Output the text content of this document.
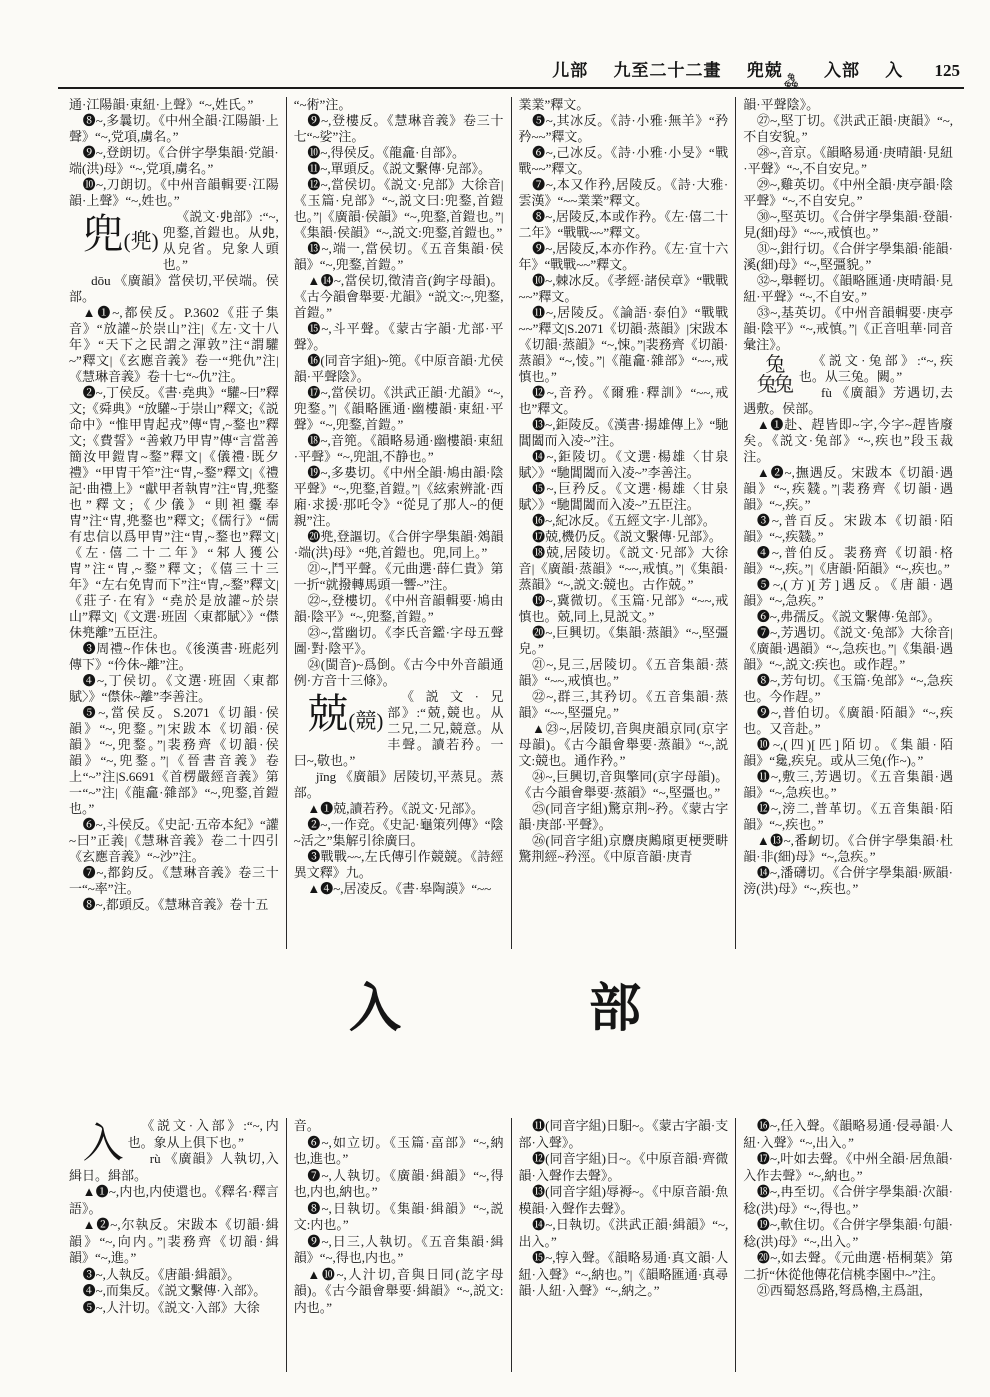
儿部 九至二十二畫 兜兢 兔
兔兔
入部 入 125

通·江陽韻·東紐·上聲》“~,姓氏。”

❽~,多曩切。《中州全韻·江陽韻·上聲》“~,党項,虜名。”

❾~,登朗切。《合併字學集韻·党韻·端(洪)母》“~,党項,虜名。”

❿~,刀朗切。《中州音韻輯要·江陽韻·上聲》“~,姓也。”

兜(兠)
《説文·𠑹部》:“~,兜鍪,首鎧也。从𠑹,从皃省。皃象人頭也。”

dōu 《廣韻》當侯切,平侯端。侯部。

▲❶~,都侯反。P.3602《莊子集音》“放讙~於崇山”注|《左·文十八年》“天下之民謂之渾敦”注“謂驩~”釋文|《玄應音義》卷一“兠仇”注|《慧琳音義》卷十七“~仇”注。

❷~,丁侯反。《書·堯典》“驩~曰”釋文;《舜典》“放驩~于崇山”釋文;《説命中》“惟甲冑起戎”傳“冑,~鍪也”釋文;《費誓》“善敹乃甲冑”傳“言當善簡汝甲鎧冑~鍪”釋文|《儀禮·既夕禮》“甲冑干笮”注“冑,~鍪”釋文|《禮記·曲禮上》“獻甲者執冑”注“冑,兠鍪也”釋文;《少儀》“則袒櫜奉冑”注“冑,兠鍪也”釋文;《儒行》“儒有忠信以爲甲冑”注“冑,~鍪也”釋文|《左·僖二十二年》“邾人獲公冑”注“冑,~鍪”釋文;《僖三十三年》“左右免冑而下”注“冑,~鍪”釋文|《莊子·在宥》“堯於是放讙~於崇山”釋文|《文選·班固〈東都賦〉》“僸佅兠離”五臣注。

❸周禮~作佅也。《後漢書·班彪列傳下》“仱佅~離”注。

❹~,丁侯切。《文選·班固〈東都賦〉》“僸佅~離”李善注。

❺~,當侯反。S.2071《切韻·侯韻》“~,兜鍪。”|宋跋本《切韻·侯韻》“~,兜鍪。”|裴務齊《切韻·侯韻》“~,兜鍪。”|《晉書音義》卷上“~”注|S.6691《首楞嚴經音義》第一“~”注|《龍龕·雜部》“~,兜鍪,首鎧也。”

❻~,斗侯反。《史記·五帝本紀》“讙~曰”正義|《慧琳音義》卷二十四引《玄應音義》“~沙”注。

❼~,都鈞反。《慧琳音義》卷三十一“~率”注。

❽~,都頭反。《慧琳音義》卷十五

“~術”注。

❾~,登樓反。《慧琳音義》卷三十七“~娑”注。

❿~,得侯反。《龍龕·自部》。

⓫~,單頭反。《説文繫傳·皃部》。

⓬~,當侯切。《説文·皃部》大徐音|《玉篇·皃部》“~,説文曰:兜鍪,首鎧也。”|《廣韻·侯韻》“~,兜鍪,首鎧也。”|《集韻·侯韻》“~,説文:兜鍪,首鎧也。”

⓭~,端一,當侯切。《五音集韻·侯韻》“~,兜鍪,首鎧。”

▲⓮~,當侯切,徵清音(鉤字母韻)。《古今韻會舉要·尤韻》“説文:~,兜鍪,首鎧。”

⓯~,斗平聲。《蒙古字韻·尤部·平聲》。

⓰(同音字組)~篼。《中原音韻·尤侯韻·平聲陰》。

⓱~,當侯切。《洪武正韻·尤韻》“~,兜鍪。”|《韻略匯通·幽樓韻·東紐·平聲》“~,兜鍪,首鎧。”

⓲~,音篼。《韻略易通·幽樓韻·東紐·平聲》“~,兜詛,不静也。”

⓳~,多婁切。《中州全韻·鳩由韻·陰平聲》“~,兜鍪,首鎧。”|《絃索辨訛·西廂·求援·那吒令》“從見了那人~的便親”注。

⓴兠,登謳切。《合併字學集韻·鵁韻·端(洪)母》“兠,首鎧也。兜,同上。”

㉑~,鬥平聲。《元曲選·薛仁貴》第一折“就撥轉馬頭一響~”注。

㉒~,登樓切。《中州音韻輯要·鳩由韻·陰平》“~,兜鍪,首鎧。”

㉓~,當幽切。《李氏音鑑·字母五聲圖·對·陰平》。

㉔(閩音)~爲倒。《古今中外音韻通例·方音十三條》。

兢(競)
《説文·兄部》:“兢,競也。从二兄,二兄,競意。从丰聲。讀若矜。一曰~,敬也。”

jīng 《廣韻》居陵切,平蒸見。蒸部。

▲❶兢,讀若矜。《説文·兄部》。

❷~,一作竞。《史記·龜策列傳》“陰~活之”集解引徐廣曰。

❸戰戰~~,左氏傳引作競競。《詩經異文釋》九。

▲❹~,居凌反。《書·皋陶謨》“~~

業業”釋文。

❺~,其冰反。《詩·小雅·無羊》“矜矜~~”釋文。

❻~,己冰反。《詩·小雅·小旻》“戰戰~~”釋文。

❼~,本又作矜,居陵反。《詩·大雅·雲漢》“~~業業”釋文。

❽~,居陵反,本或作矜。《左·僖二十二年》“戰戰~~”釋文。

❾~,居陵反,本亦作矜。《左·宣十六年》“戰戰~~”釋文。

❿~,棘冰反。《孝經·諸侯章》“戰戰~~”釋文。

⓫~,居陵反。《論語·泰伯》“戰戰~~”釋文|S.2071《切韻·蒸韻》|宋跋本《切韻·蒸韻》“~,悚。”|裴務齊《切韻·蒸韻》“~,㥄。”|《龍龕·雜部》“~~,戒慎也。”

⓬~,音矜。《爾雅·釋訓》“~~,戒也”釋文。

⓭~,鉅陵反。《漢書·揚雄傳上》“馳閶闔而入凌~”注。

⓮~,鉅陵切。《文選·楊雄〈甘泉賦〉》“馳閶闔而入凌~”李善注。

⓯~,巨矜反。《文選·楊雄〈甘泉賦〉》“馳閶闔而入凌~”五臣注。

⓰~,紀冰反。《五經文字·儿部》。

⓱兢,機仍反。《説文繫傳·兄部》。

⓲兢,居陵切。《説文·兄部》大徐音|《廣韻·蒸韻》“~~,戒慎。”|《集韻·蒸韻》“~,説文:競也。古作兢。”

⓳~,冀微切。《玉篇·兄部》“~~,戒慎也。兢,同上,見説文。”

⓴~,巨興切。《集韻·蒸韻》“~,堅彊皃。”

㉑~,見三,居陵切。《五音集韻·蒸韻》“~~,戒慎也。”

㉒~,群三,其矜切。《五音集韻·蒸韻》“~~,堅彊皃。”

▲㉓~,居陵切,音與庚韻京同(京字母韻)。《古今韻會舉要·蒸韻》“~,説文:競也。通作矜。”

㉔~,巨興切,音與擎同(京字母韻)。《古今韻會舉要·蒸韻》“~,堅彊也。”

㉕(同音字組)驚京荆~矜。《蒙古字韻·庚部·平聲》。

㉖(同音字組)京麖庚鶊廎更梗燛畊驚荆經~矜涇。《中原音韻·庚青

韻·平聲陰》。

㉗~,堅丁切。《洪武正韻·庚韻》“~,不自安貌。”

㉘~,音京。《韻略易通·庚晴韻·見紐·平聲》“~,不自安皃。”

㉙~,雞英切。《中州全韻·庚亭韻·陰平聲》“~,不自安皃。”

㉚~,堅英切。《合併字學集韻·登韻·見(細)母》“~~,戒慎也。”

㉛~,鉗行切。《合併字學集韻·能韻·溪(細)母》“~,堅彊貌。”

㉜~,舉輕切。《韻略匯通·庚晴韻·見紐·平聲》“~,不自安。”

㉝~,基英切。《中州音韻輯要·庚亭韻·陰平》“~,戒慎。”|《正音咀華·同音彙注》。

兔
兔兔
《説文·兔部》:“~,疾也。从三兔。闕。”

fù 《廣韻》芳遇切,去遇敷。侯部。

▲❶赴、趕皆即~字,今字~趕皆廢矣。《説文·兔部》“~,疾也”段玉裁注。

▲❷~,撫遇反。宋跋本《切韻·遇韻》“~,疾𠓙。”|裴務齊《切韻·遇韻》“~,疾。”

❸~,普百反。宋跋本《切韻·陌韻》“~,疾𠓙。”

❹~,普伯反。裴務齊《切韻·格韻》“~,疾。”|《唐韻·陌韻》“~,疾也。”

❺~,(方)[芳]遇反。《唐韻·遇韻》“~,急疾。”

❻~,弗孺反。《説文繫傳·兔部》。

❼~,芳遇切。《説文·兔部》大徐音|《廣韻·遇韻》“~,急疾也。”|《集韻·遇韻》“~,説文:疾也。或作趕。”

❽~,芳句切。《玉篇·兔部》“~,急疾也。今作趕。”

❾~,普伯切。《廣韻·陌韻》“~,疾也。又音赴。”

❿~,(四)[匹]陌切。《集韻·陌韻》“毚,疾皃。或从三兔(作~)。”

⓫~,敷三,芳遇切。《五音集韻·遇韻》“~,急疾也。”

⓬~,滂二,普革切。《五音集韻·陌韻》“~,疾也。”

▲⓭~,番衂切。《合併字學集韻·杜韻·非(細)母》“~,急疾。”

⓮~,潘礴切。《合併字學集韻·厥韻·滂(洪)母》“~,疾也。”

入	部

入 《説文·入部》:“~,内也。象从上俱下也。”

rù 《廣韻》人執切,入緝日。緝部。

▲❶~,内也,内使還也。《釋名·釋言語》。

▲❷~,尔執反。宋跋本《切韻·緝韻》“~,向内。”|裴務齊《切韻·緝韻》“~,進。”

❸~,人執反。《唐韻·緝韻》。

❹~,而集反。《説文繫傳·入部》。

❺~,人汁切。《説文·入部》大徐

音。

❻~,如立切。《玉篇·畗部》“~,納也,進也。”

❼~,人執切。《廣韻·緝韻》“~,得也,内也,納也。”

❽~,日執切。《集韻·緝韻》“~,説文:内也。”

❾~,日三,人執切。《五音集韻·緝韻》“~,得也,内也。”

▲❿~,人汁切,音與日同(訖字母韻)。《古今韻會舉要·緝韻》“~,説文:内也。”

⓫(同音字組)日馹~。《蒙古字韻·支部·入聲》。

⓬(同音字組)日~。《中原音韻·齊微韻·入聲作去聲》。

⓭(同音字組)辱褥~。《中原音韻·魚模韻·入聲作去聲》。

⓮~,日執切。《洪武正韻·緝韻》“~,出入。”

⓯~,犉入聲。《韻略易通·真文韻·人紐·入聲》“~,納也。”|《韻略匯通·真尋韻·人紐·入聲》“~,納之。”

⓰~,任入聲。《韻略易通·侵尋韻·人紐·入聲》“~,出入。”

⓱~,叶如去聲。《中州全韻·居魚韻·入作去聲》“~,納也。”

⓲~,冉至切。《合併字學集韻·次韻·稔(洪)母》“~,得也。”

⓳~,軟住切。《合併字學集韻·句韻·稔(洪)母》“~,出入。”

⓴~,如去聲。《元曲選·梧桐葉》第二折“休從他傳花信桃李園中~”注。

㉑西蜀怒爲路,弩爲櫓,主爲詛,
